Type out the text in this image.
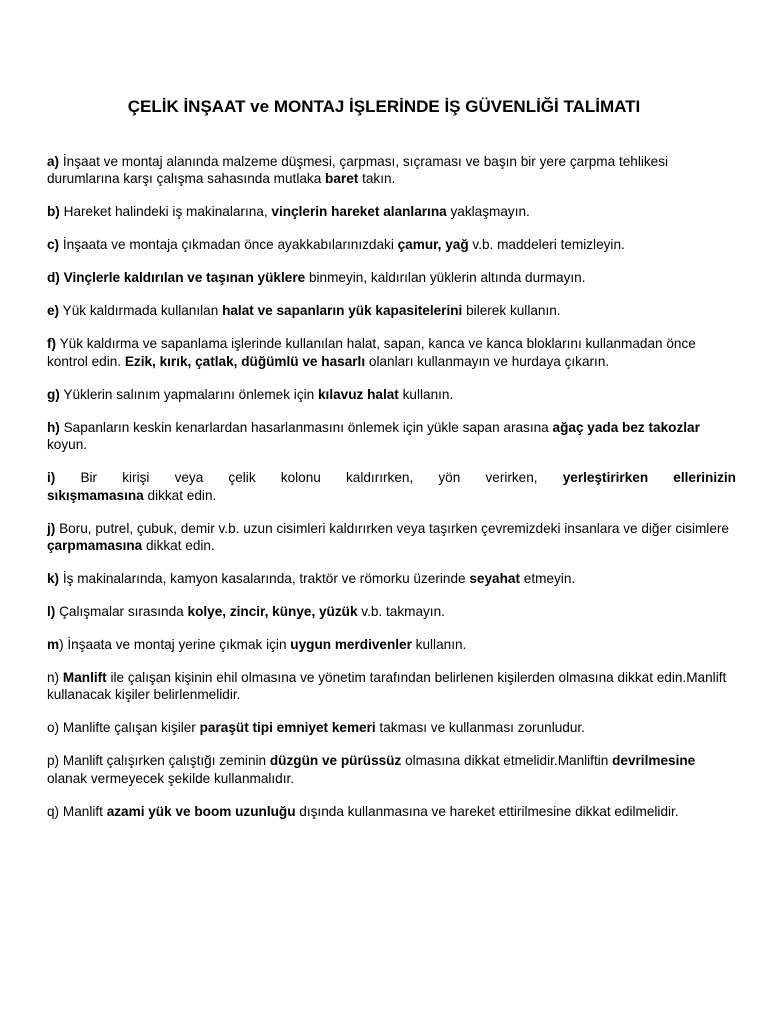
ÇELİK İNŞAAT ve MONTAJ İŞLERİNDE İŞ GÜVENLİĞİ TALİMATI

a) İnşaat ve montaj alanında malzeme düşmesi, çarpması, sıçraması ve başın bir yere çarpma tehlikesi durumlarına karşı çalışma sahasında mutlaka baret takın.

b) Hareket halindeki iş makinalarına, vinçlerin hareket alanlarına yaklaşmayın.

c) İnşaata ve montaja çıkmadan önce ayakkabılarınızdaki çamur, yağ v.b. maddeleri temizleyin.

d) Vinçlerle kaldırılan ve taşınan yüklere binmeyin, kaldırılan yüklerin altında durmayın.

e) Yük kaldırmada kullanılan halat ve sapanların yük kapasitelerini bilerek kullanın.

f) Yük kaldırma ve sapanlama işlerinde kullanılan halat, sapan, kanca ve kanca bloklarını kullanmadan önce kontrol edin. Ezik, kırık, çatlak, düğümlü ve hasarlı olanları kullanmayın ve hurdaya çıkarın.

g) Yüklerin salınım yapmalarını önlemek için kılavuz halat kullanın.

h) Sapanların keskin kenarlardan hasarlanmasını önlemek için yükle sapan arasına ağaç yada bez takozlar koyun.

i) Bir kirişi veya çelik kolonu kaldırırken, yön verirken, yerleştirirken ellerinizin
sıkışmamasına dikkat edin.

j) Boru, putrel, çubuk, demir v.b. uzun cisimleri kaldırırken veya taşırken çevremizdeki insanlara ve diğer cisimlere çarpmamasına dikkat edin.

k) İş makinalarında, kamyon kasalarında, traktör ve römorku üzerinde seyahat etmeyin.

l) Çalışmalar sırasında kolye, zincir, künye, yüzük v.b. takmayın.

m) İnşaata ve montaj yerine çıkmak için uygun merdivenler kullanın.

n) Manlift ile çalışan kişinin ehil olmasına ve yönetim tarafından belirlenen kişilerden olmasına dikkat edin.Manlift kullanacak kişiler belirlenmelidir.

o) Manlifte çalışan kişiler paraşüt tipi emniyet kemeri takması ve kullanması zorunludur.

p) Manlift çalışırken çalıştığı zeminin düzgün ve pürüssüz olmasına dikkat etmelidir.Manliftin devrilmesine olanak vermeyecek şekilde kullanmalıdır.

q) Manlift azami yük ve boom uzunluğu dışında kullanmasına ve hareket ettirilmesine dikkat edilmelidir.
